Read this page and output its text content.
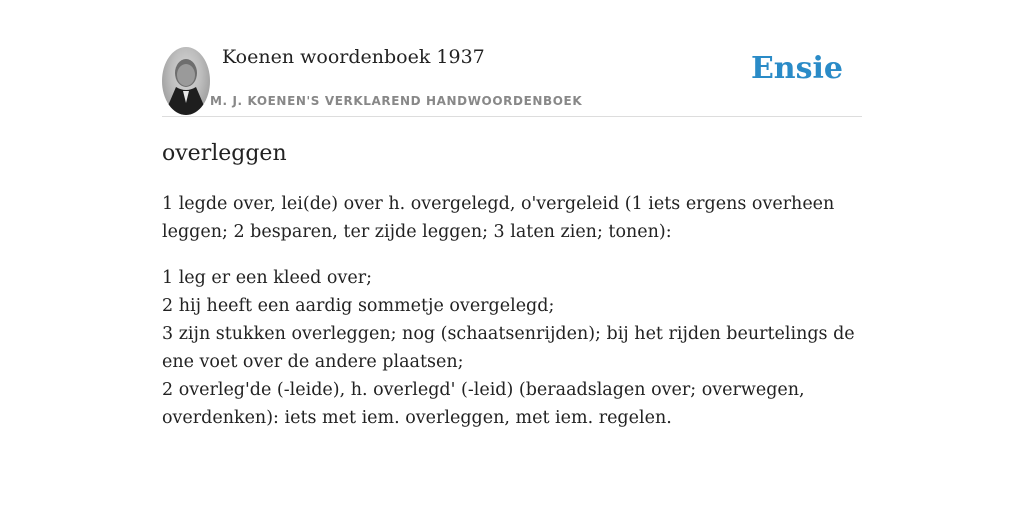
Koenen woordenboek 1937
M. J. KOENEN'S VERKLAREND HANDWOORDENBOEK
Ensie
overleggen

1 legde over, lei(de) over h. overgelegd, o'vergeleid (1 iets ergens overheen leggen; 2 besparen, ter zijde leggen; 3 laten zien; tonen):

1 leg er een kleed over;
2 hij heeft een aardig sommetje overgelegd;
3 zijn stukken overleggen; nog (schaatsenrijden); bij het rijden beurtelings de ene voet over de andere plaatsen;
2 overleg'de (-leide), h. overlegd' (-leid) (beraadslagen over; overwegen, overdenken): iets met iem. overleggen, met iem. regelen.
